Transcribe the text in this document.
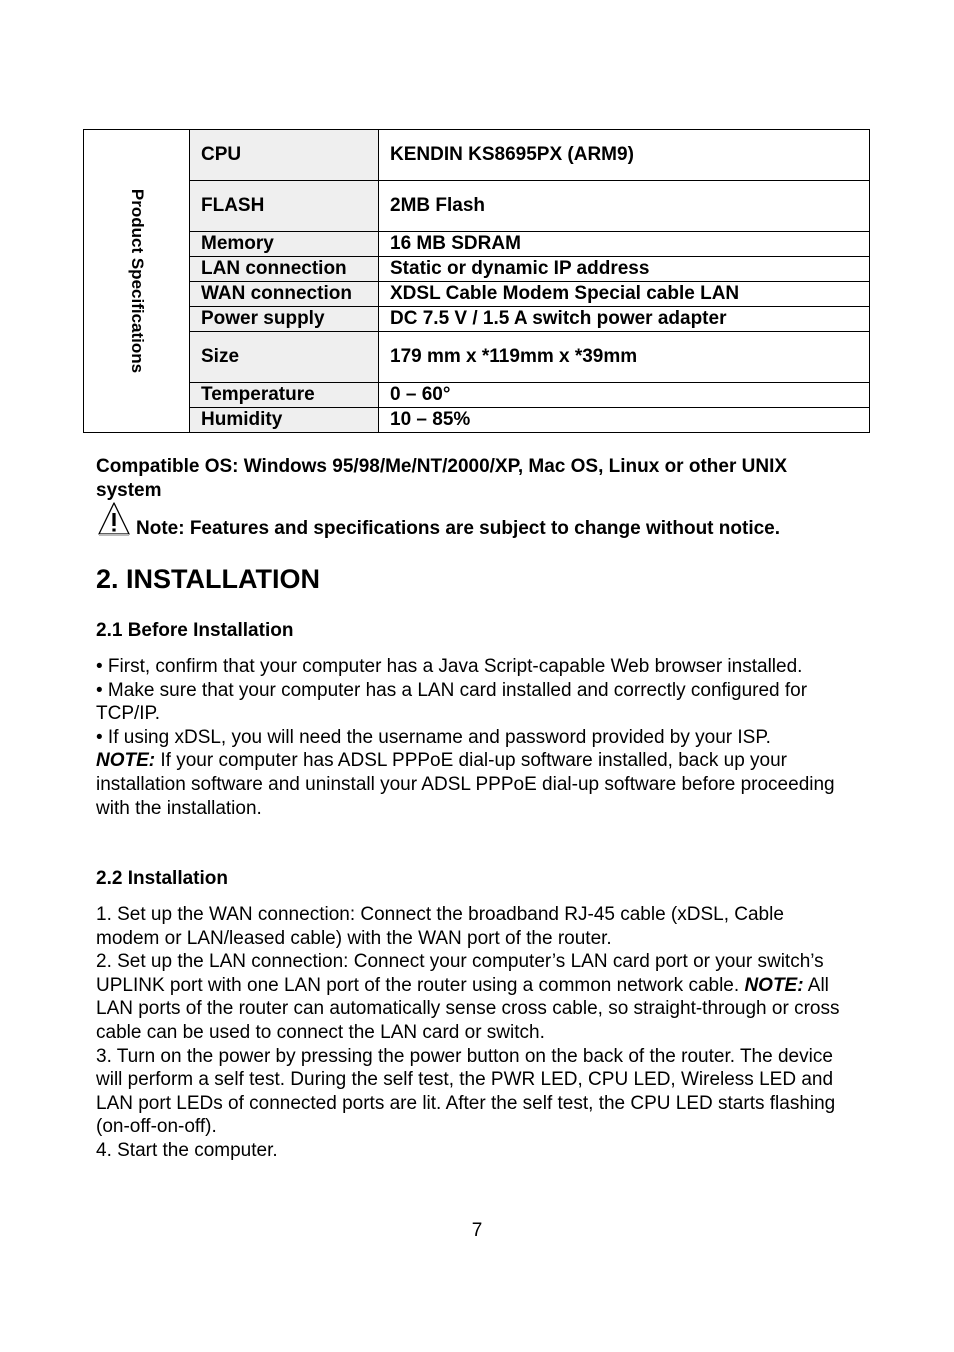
Product Specifications	CPU	KENDIN KS8695PX (ARM9)
	FLASH	2MB Flash
	Memory	16 MB SDRAM
	LAN connection	Static or dynamic IP address
	WAN connection	XDSL Cable Modem Special cable LAN
	Power supply	DC 7.5 V / 1.5 A switch power adapter
	Size	179 mm x *119mm x *39mm
	Temperature	0 – 60°
	Humidity	10 – 85%
Compatible OS: Windows 95/98/Me/NT/2000/XP, Mac OS, Linux or other UNIX system
Note: Features and specifications are subject to change without notice.
2. INSTALLATION
2.1 Before Installation
• First, confirm that your computer has a Java Script-capable Web browser installed.
• Make sure that your computer has a LAN card installed and correctly configured for TCP/IP.
• If using xDSL, you will need the username and password provided by your ISP.
NOTE: If your computer has ADSL PPPoE dial-up software installed, back up your installation software and uninstall your ADSL PPPoE dial-up software before proceeding with the installation.
2.2 Installation
1. Set up the WAN connection: Connect the broadband RJ-45 cable (xDSL, Cable modem or LAN/leased cable) with the WAN port of the router.
2. Set up the LAN connection: Connect your computer’s LAN card port or your switch’s UPLINK port with one LAN port of the router using a common network cable. NOTE: All LAN ports of the router can automatically sense cross cable, so straight-through or cross cable can be used to connect the LAN card or switch.
3. Turn on the power by pressing the power button on the back of the router. The device will perform a self test. During the self test, the PWR LED, CPU LED, Wireless LED and LAN port LEDs of connected ports are lit. After the self test, the CPU LED starts flashing (on-off-on-off).
4. Start the computer.
7
